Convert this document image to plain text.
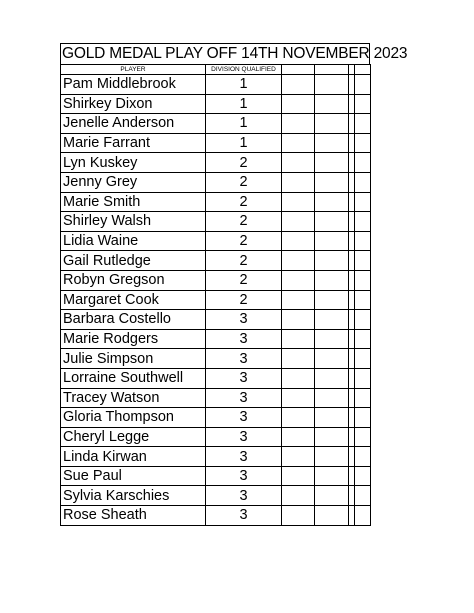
GOLD MEDAL PLAY OFF 14TH NOVEMBER 2023
PLAYER	DIVISION QUALIFIED				
Pam Middlebrook	1				
Shirkey Dixon	1				
Jenelle Anderson	1				
Marie Farrant	1				
Lyn Kuskey	2				
Jenny Grey	2				
Marie Smith	2				
Shirley Walsh	2				
Lidia Waine	2				
Gail Rutledge	2				
Robyn Gregson	2				
Margaret Cook	2				
Barbara Costello	3				
Marie Rodgers	3				
Julie Simpson	3				
Lorraine Southwell	3				
Tracey Watson	3				
Gloria Thompson	3				
Cheryl Legge	3				
Linda Kirwan	3				
Sue Paul	3				
Sylvia Karschies	3				
Rose Sheath	3				
